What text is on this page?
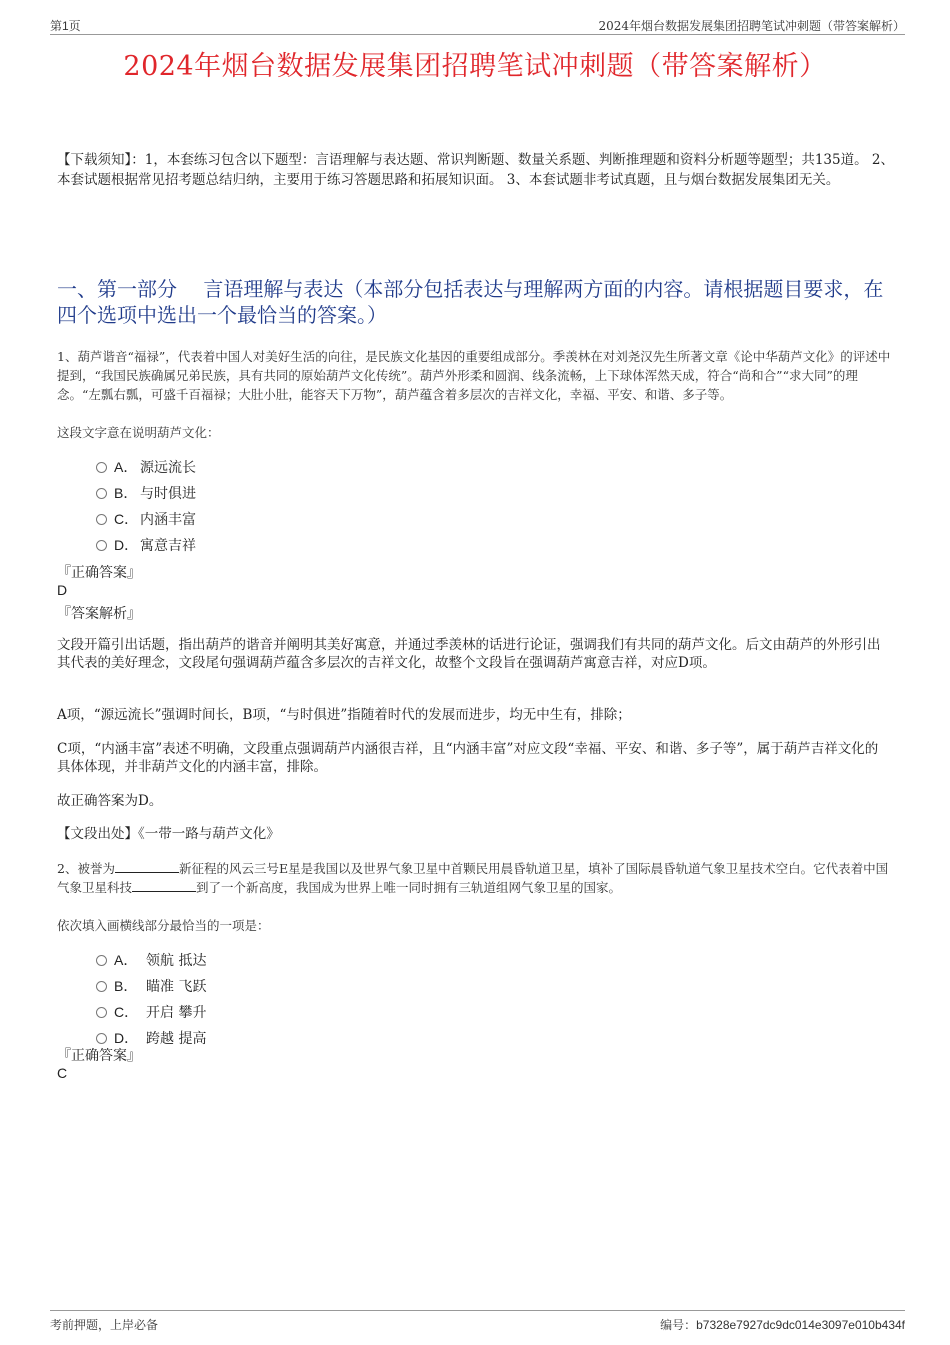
第1页	2024年烟台数据发展集团招聘笔试冲刺题（带答案解析）
2024年烟台数据发展集团招聘笔试冲刺题（带答案解析）
【下载须知】：1，本套练习包含以下题型：言语理解与表达题、常识判断题、数量关系题、判断推理题和资料分析题等题型；共135道。 2、本套试题根据常见招考题总结归纳，主要用于练习答题思路和拓展知识面。 3、本套试题非考试真题，且与烟台数据发展集团无关。
一、第一部分　 言语理解与表达（本部分包括表达与理解两方面的内容。请根据题目要求，在四个选项中选出一个最恰当的答案。）
1、葫芦谐音“福禄”，代表着中国人对美好生活的向往，是民族文化基因的重要组成部分。季羡林在对刘尧汉先生所著文章《论中华葫芦文化》的评述中提到，“我国民族确属兄弟民族，具有共同的原始葫芦文化传统”。葫芦外形柔和圆润、线条流畅，上下球体浑然天成，符合“尚和合”“求大同”的理念。“左瓢右瓢，可盛千百福禄；大肚小肚，能容天下万物”，葫芦蕴含着多层次的吉祥文化，幸福、平安、和谐、多子等。
这段文字意在说明葫芦文化：
A． 源远流长
B． 与时俱进
C． 内涵丰富
D． 寓意吉祥
『正确答案』
D
『答案解析』
文段开篇引出话题，指出葫芦的谐音并阐明其美好寓意，并通过季羡林的话进行论证，强调我们有共同的葫芦文化。后文由葫芦的外形引出其代表的美好理念，文段尾句强调葫芦蕴含多层次的吉祥文化，故整个文段旨在强调葫芦寓意吉祥，对应D项。
A项，“源远流长”强调时间长，B项，“与时俱进”指随着时代的发展而进步，均无中生有，排除；
C项，“内涵丰富”表述不明确，文段重点强调葫芦内涵很吉祥，且“内涵丰富”对应文段“幸福、平安、和谐、多子等”，属于葫芦吉祥文化的具体体现，并非葫芦文化的内涵丰富，排除。
故正确答案为D。
【文段出处】《一带一路与葫芦文化》
2、被誉为	新征程的风云三号E星是我国以及世界气象卫星中首颗民用晨昏轨道卫星，填补了国际晨昏轨道气象卫星技术空白。它代表着中国气象卫星科技	到了一个新高度，我国成为世界上唯一同时拥有三轨道组网气象卫星的国家。
依次填入画横线部分最恰当的一项是：
A． 领航 抵达
B． 瞄准 飞跃
C． 开启 攀升
D． 跨越 提高
『正确答案』
C
考前押题，上岸必备	编号：b7328e7927dc9dc014e3097e010b434f
